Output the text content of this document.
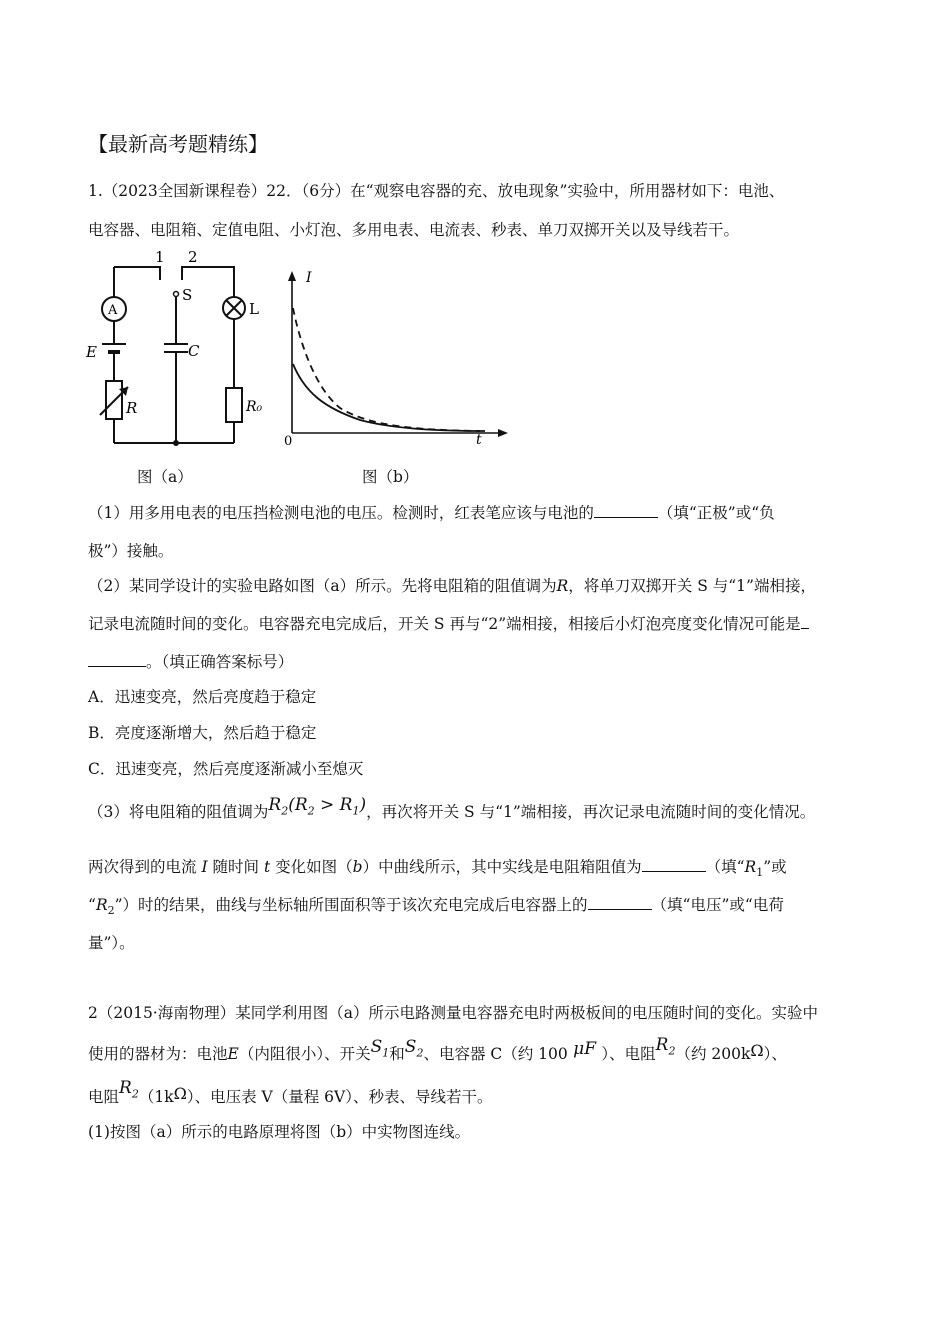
【最新高考题精练】
1.（2023全国新课程卷）22．（6分）在“观察电容器的充、放电现象”实验中，所用器材如下：电池、
电容器、电阻箱、定值电阻、小灯泡、多用电表、电流表、秒表、单刀双掷开关以及导线若干。
1 2
S
A	L
E	C
R	R₀
I
t
0
图（a）	图（b）
（1）用多用电表的电压挡检测电池的电压。检测时，红表笔应该与电池的	（填“正极”或“负
极”）接触。
（2）某同学设计的实验电路如图（a）所示。先将电阻箱的阻值调为R，将单刀双掷开关 S 与“1”端相接，
记录电流随时间的变化。电容器充电完成后，开关 S 再与“2”端相接，相接后小灯泡亮度变化情况可能是
。（填正确答案标号）
A．迅速变亮，然后亮度趋于稳定
B．亮度逐渐增大，然后趋于稳定
C．迅速变亮，然后亮度逐渐减小至熄灭
（3）将电阻箱的阻值调为$R_2(R_2 > R_1)$，再次将开关 S 与“1”端相接，再次记录电流随时间的变化情况。
两次得到的电流 I 随时间 t 变化如图（b）中曲线所示，其中实线是电阻箱阻值为	（填“$R_1$”或
“$R_2$”）时的结果，曲线与坐标轴所围面积等于该次充电完成后电容器上的	（填“电压”或“电荷
量”）。
2（2015·海南物理）某同学利用图（a）所示电路测量电容器充电时两极板间的电压随时间的变化。实验中
使用的器材为：电池E（内阻很小）、开关$S_1$和$S_2$、电容器 C（约 100 μF ）、电阻$R_2$（约 200kΩ）、
电阻$R_2(1k\Omega)$、电压表 V（量程 6V）、秒表、导线若干。
(1)按图（a）所示的电路原理将图（b）中实物图连线。
